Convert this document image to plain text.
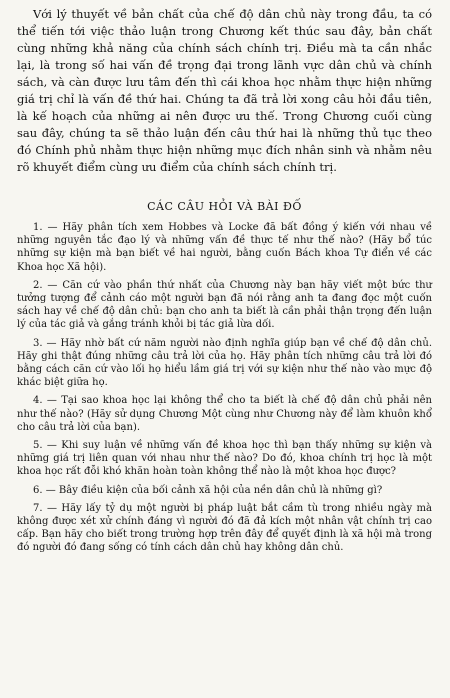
Với lý thuyết về bản chất của chế độ dân chủ này trong đầu, ta có thể tiến tới việc thảo luận trong Chương kết thúc sau đây, bản chất cùng những khả năng của chính sách chính trị. Điều mà ta cần nhắc lại, là trong số hai vấn đề trọng đại trong lãnh vực dân chủ và chính sách, và càn được lưu tâm đến thì cái khoa học nhằm thực hiện những giá trị chỉ là vấn đề thứ hai. Chúng ta đã trả lời xong câu hỏi đầu tiên, là kế hoạch của những ai nên được ưu thế. Trong Chương cuối cùng sau đây, chúng ta sẽ thảo luận đến câu thứ hai là những thủ tục theo đó Chính phủ nhằm thực hiện những mục đích nhân sinh và nhằm nêu rõ khuyết điểm cùng ưu điểm của chính sách chính trị.

CÁC CÂU HỎI VÀ BÀI ĐỐ

1. — Hãy phân tích xem Hobbes và Locke đã bất đồng ý kiến với nhau về những nguyên tắc đạo lý và những vấn đề thực tế như thế nào? (Hãy bổ túc những sự kiện mà bạn biết về hai người, bằng cuốn Bách khoa Tự điển về các Khoa học Xã hội).

2. — Căn cứ vào phần thứ nhất của Chương này bạn hãy viết một bức thư tưởng tượng để cảnh cáo một người bạn đã nói rằng anh ta đang đọc một cuốn sách hay về chế độ dân chủ: bạn cho anh ta biết là cần phải thận trọng đến luận lý của tác giả và gắng tránh khỏi bị tác giả lừa dối.

3. — Hãy nhờ bất cứ năm người nào định nghĩa giúp bạn về chế độ dân chủ. Hãy ghi thật đúng những câu trả lời của họ. Hãy phân tích những câu trả lời đó bằng cách căn cứ vào lối họ hiểu lầm giá trị với sự kiện như thế nào vào mực độ khác biệt giữa họ.

4. — Tại sao khoa học lại không thể cho ta biết là chế độ dân chủ phải nên như thế nào? (Hãy sử dụng Chương Một cùng như Chương này để làm khuôn khổ cho câu trả lời của bạn).

5. — Khi suy luận về những vấn đề khoa học thì bạn thấy những sự kiện và những giá trị liên quan với nhau như thế nào? Do đó, khoa chính trị học là một khoa học rất đỗi khó khăn hoàn toàn không thể nào là một khoa học được?

6. — Bây điều kiện của bối cảnh xã hội của nền dân chủ là những gì?

7. — Hãy lấy tỷ dụ một người bị pháp luật bắt cầm tù trong nhiều ngày mà không được xét xử chính đáng vì người đó đã đả kích một nhân vật chính trị cao cấp. Bạn hãy cho biết trong trường hợp trên đây để quyết định là xã hội mà trong đó người đó đang sống có tính cách dân chủ hay không dân chủ.
